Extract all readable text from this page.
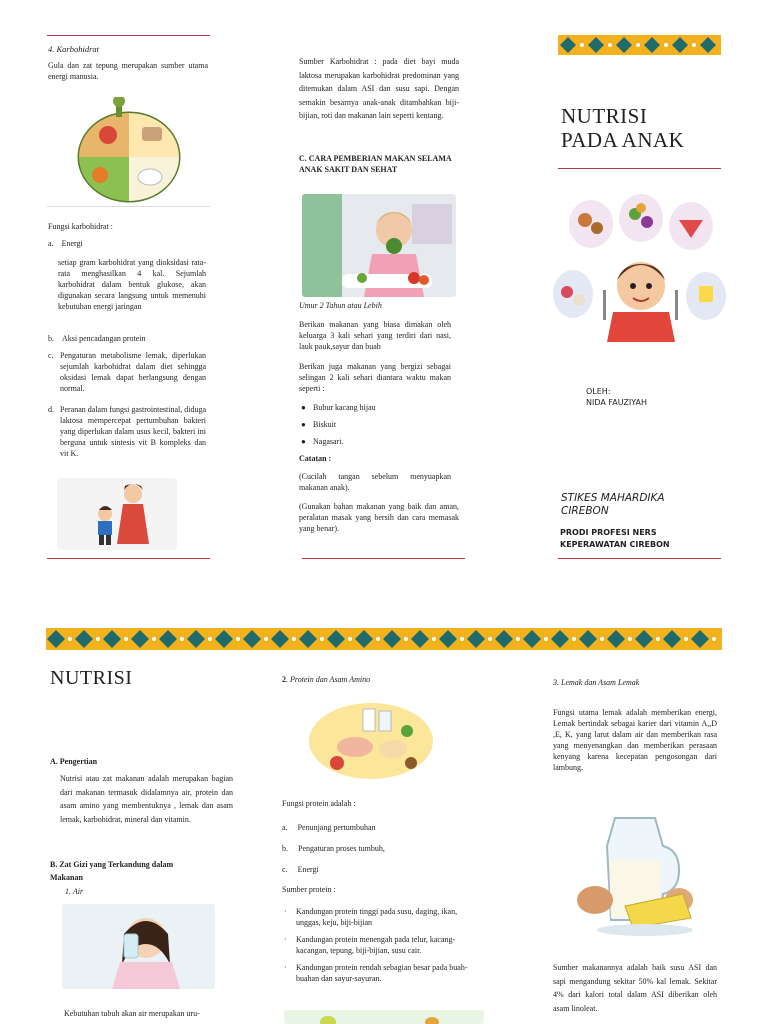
4. Karbohidrat
Gula dan zat tepung merupakan sumber utama energi manusia.
Fungsi karbohidrat :
a. Energi
setiap gram karbohidrat yang dioksidasi rata-rata menghasilkan 4 kal. Sejumlah karbohidrat dalam bentuk glukose, akan digunakan secara langsung untuk memenuhi kebutuhan energi jaringan
b. Aksi pencadangan protein
c. Pengaturan metabolisme lemak, diperlukan sejumlah karbohidrat dalam diet sehingga oksidasi lemak dapat berlangsung dengan normal.
d. Peranan dalam fungsi gastrointestinal, diduga laktosa mempercepat pertumbuhan bakteri yang diperlukan dalam usus kecil, bakteri ini berguna untuk sintesis vit B kompleks dan vit K.
Sumber Karbohidrat : pada diet bayi muda laktosa merupakan karbohidrat predominan yang ditemukan dalam ASI dan susu sapi. Dengan semakin besarnya anak-anak ditambahkan biji-bijian, roti dan makanan lain seperti kentang.
C. CARA PEMBERIAN MAKAN SELAMA ANAK SAKIT DAN SEHAT
Umur 2 Tahun atau Lebih
Berikan makanan yang biasa dimakan oleh keluarga 3 kali sehari yang terdiri dari nasi, lauk pauk,sayur dan buah
Berikan juga makanan yang bergizi sebagai selingan 2 kali sehari diantara waktu makan seperti :
● Bubur kacang hijau
● Biskuit
● Nagasari.
Catatan :
(Cucilah tangan sebelum menyuapkan makanan anak).
(Gunakan bahan makanan yang baik dan aman, peralatan masak yang bersih dan cara memasak yang benar).
NUTRISI
PADA ANAK
OLEH:
NIDA FAUZIYAH
STIKES MAHARDIKA CIREBON
PRODI PROFESI NERS
KEPERAWATAN CIREBON
NUTRISI
A. Pengertian
Nutrisi atau zat makanan adalah merupakan bagian dari makanan termasuk didalamnya air, protein dan asam amino yang membentuknya , lemak dan asam lemak, karbohidrat, mineral dan vitamin.
B. Zat Gizi yang Terkandung dalam Makanan
1. Air
Kebutuhan tubuh akan air merupakan uru-
2. Protein dan Asam Amino
Fungsi protein adalah :
a. Penunjang pertumbuhan
b. Pengaturan proses tumbuh,
c. Energi
Sumber protein :
· Kandungan protein tinggi pada susu, daging, ikan, unggas, keju, biji-bijian
· Kandungan protein menengah pada telur, kacang-kacangan, tepung, biji-bijian, susu cair.
· Kandungan protein rendah sebagian besar pada buah-buahan dan sayur-sayuran.
3. Lemak dan Asam Lemak
Fungsi utama lemak adalah memberikan energi, Lemak bertindak sebagai karier dari vitamin A,,D ,E, K, yang larut dalam air dan memberikan rasa yang menyenangkan dan memberikan perasaan kenyang karena kecepatan pengosongan dari lambung.
Sumber makanannya adalah baik susu ASI dan sapi mengandung sekitar 50% kal lemak. Sekitar 4% dari kalori total dalam ASI diberikan oleh asam linoleat.
